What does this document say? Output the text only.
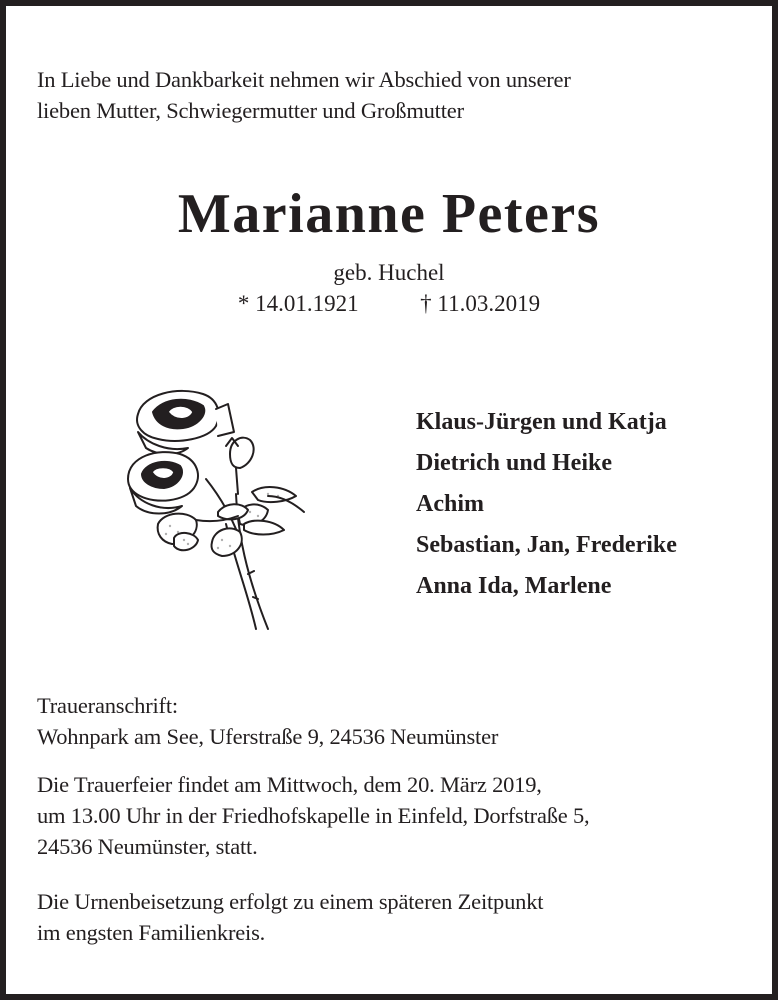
In Liebe und Dankbarkeit nehmen wir Abschied von unserer
lieben Mutter, Schwiegermutter und Großmutter
Marianne Peters
geb. Huchel
* 14.01.1921	† 11.03.2019
Klaus-Jürgen und Katja
Dietrich und Heike
Achim
Sebastian, Jan, Frederike
Anna Ida, Marlene
Traueranschrift:
Wohnpark am See, Uferstraße 9, 24536 Neumünster
Die Trauerfeier findet am Mittwoch, dem 20. März 2019,
um 13.00 Uhr in der Friedhofskapelle in Einfeld, Dorfstraße 5,
24536 Neumünster, statt.
Die Urnenbeisetzung erfolgt zu einem späteren Zeitpunkt
im engsten Familienkreis.
